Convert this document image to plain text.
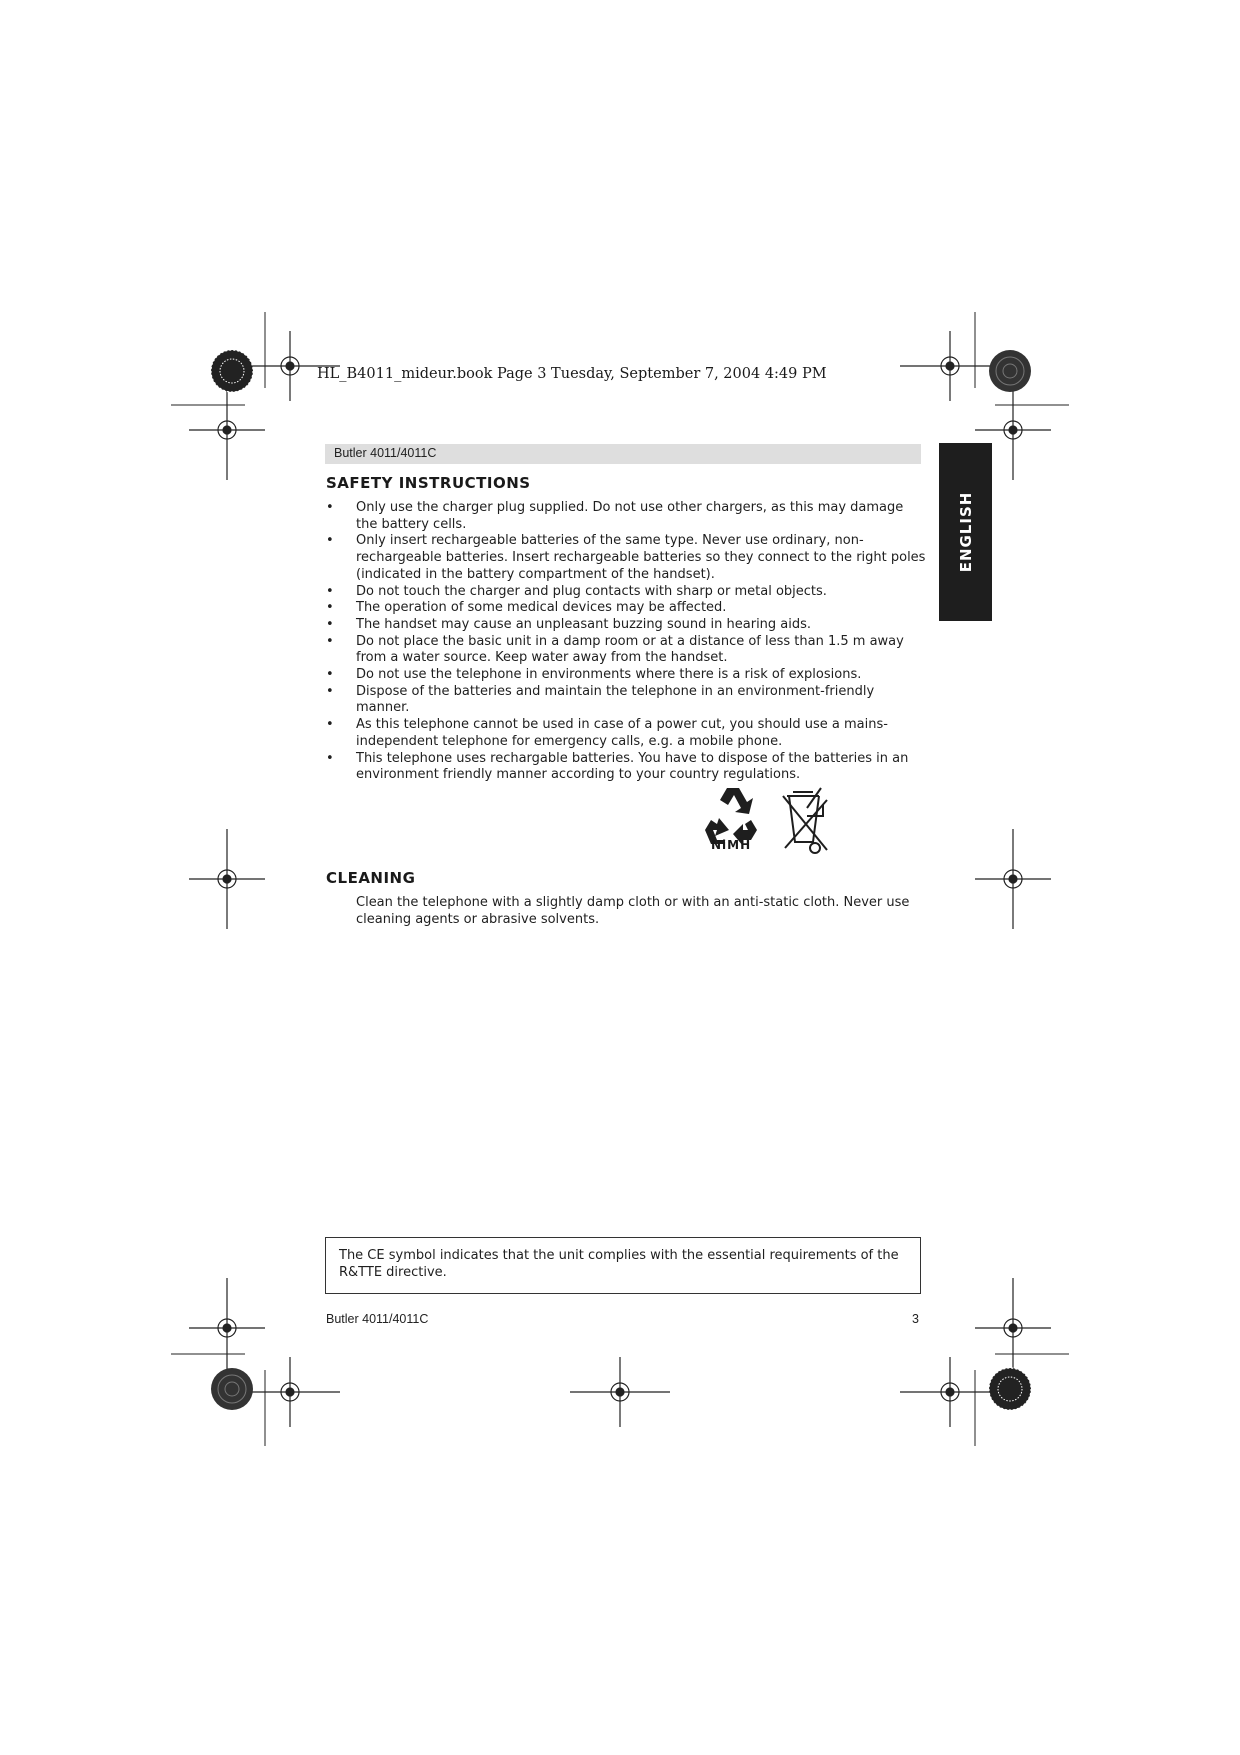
HL_B4011_mideur.book Page 3 Tuesday, September 7, 2004 4:49 PM
Butler 4011/4011C
ENGLISH
SAFETY INSTRUCTIONS
• Only use the charger plug supplied. Do not use other chargers, as this may damage the battery cells.
• Only insert rechargeable batteries of the same type. Never use ordinary, non-rechargeable batteries. Insert rechargeable batteries so they connect to the right poles (indicated in the battery compartment of the handset).
• Do not touch the charger and plug contacts with sharp or metal objects.
• The operation of some medical devices may be affected.
• The handset may cause an unpleasant buzzing sound in hearing aids.
• Do not place the basic unit in a damp room or at a distance of less than 1.5 m away from a water source. Keep water away from the handset.
• Do not use the telephone in environments where there is a risk of explosions.
• Dispose of the batteries and maintain the telephone in an environment-friendly manner.
• As this telephone cannot be used in case of a power cut, you should use a mains-independent telephone for emergency calls, e.g. a mobile phone.
• This telephone uses rechargable batteries. You have to dispose of the batteries in an environment friendly manner according to your country regulations.
NiMH
CLEANING
Clean the telephone with a slightly damp cloth or with an anti-static cloth. Never use cleaning agents or abrasive solvents.
The CE symbol indicates that the unit complies with the essential requirements of the R&TTE directive.
Butler 4011/4011C	3
